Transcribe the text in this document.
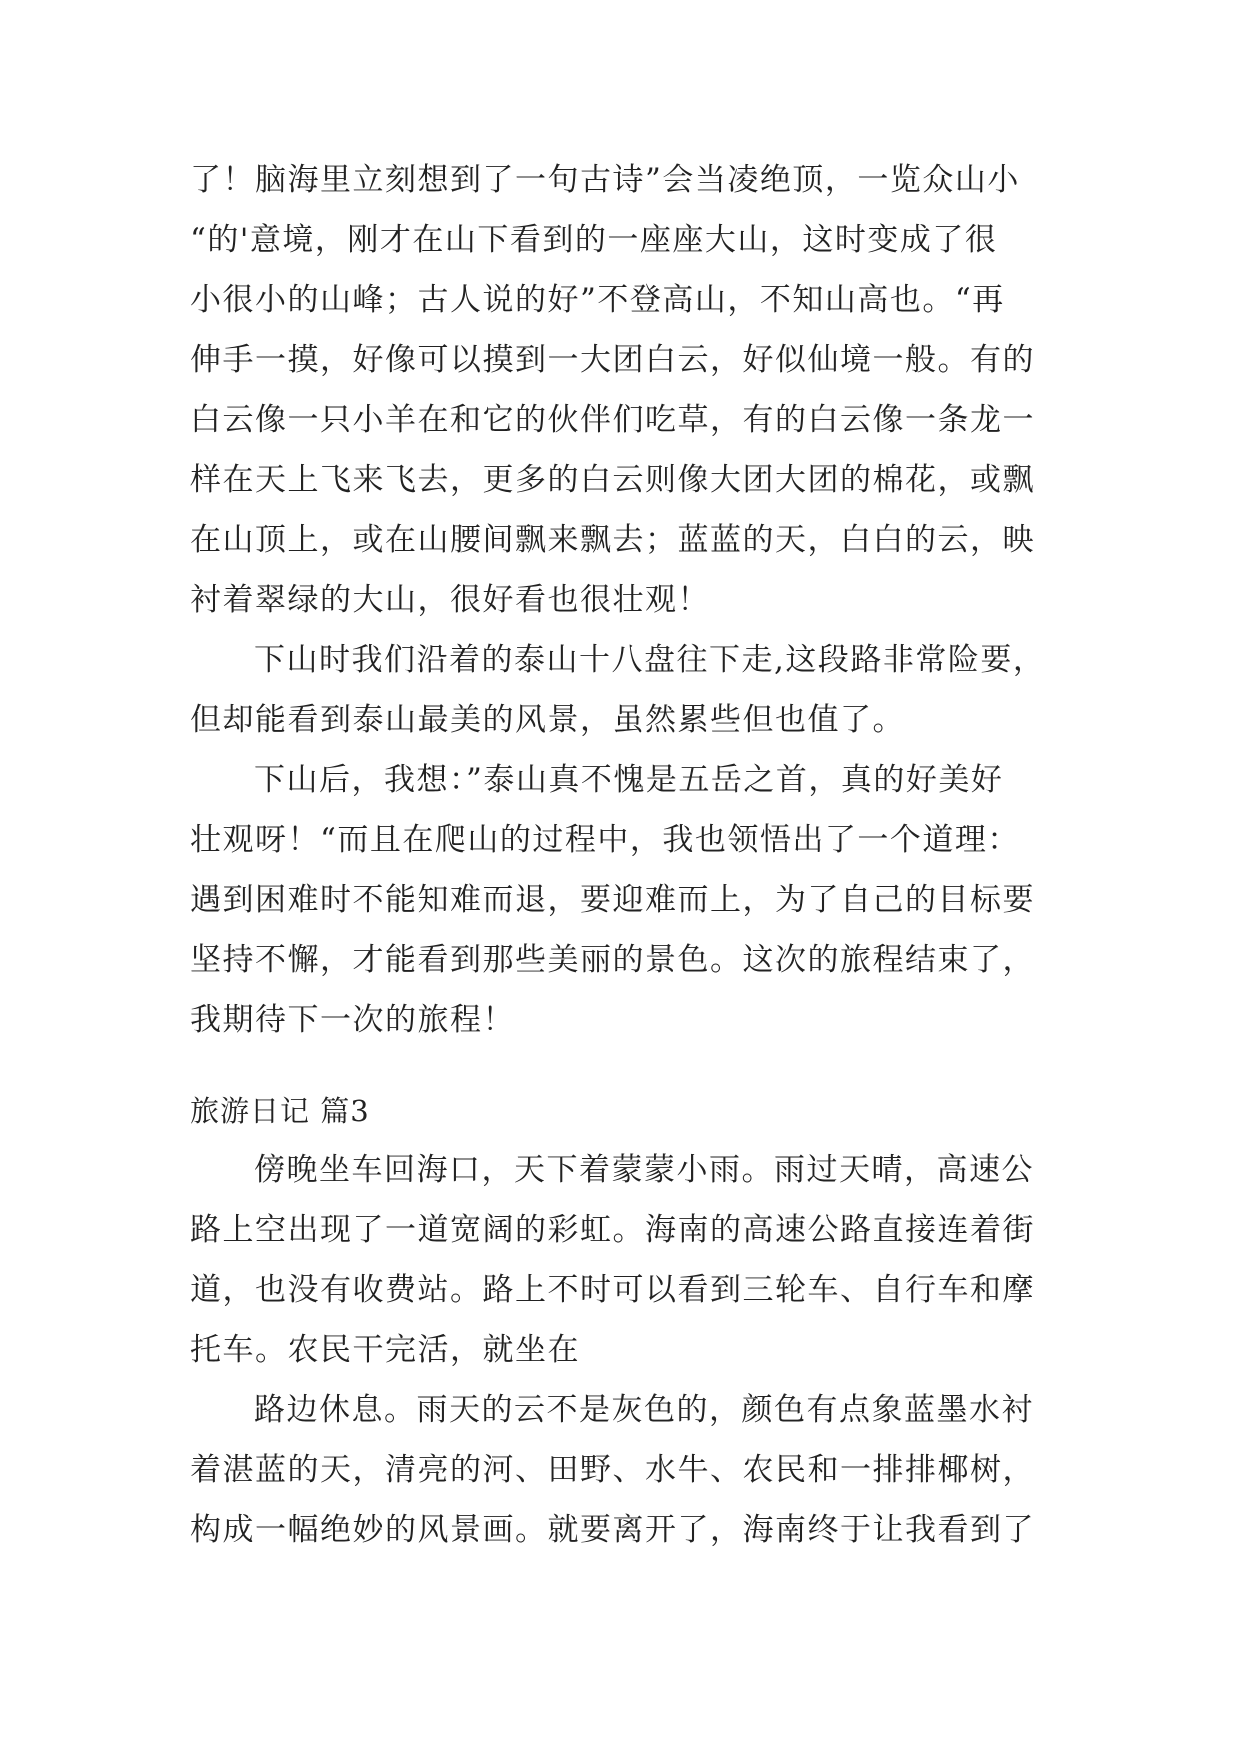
了！脑海里立刻想到了一句古诗”会当凌绝顶，一览众山小
“的'意境，刚才在山下看到的一座座大山，这时变成了很
小很小的山峰；古人说的好”不登高山，不知山高也。“再
伸手一摸，好像可以摸到一大团白云，好似仙境一般。有的
白云像一只小羊在和它的伙伴们吃草，有的白云像一条龙一
样在天上飞来飞去，更多的白云则像大团大团的棉花，或飘
在山顶上，或在山腰间飘来飘去；蓝蓝的天，白白的云，映
衬着翠绿的大山，很好看也很壮观！
下山时我们沿着的泰山十八盘往下走,这段路非常险要，
但却能看到泰山最美的风景，虽然累些但也值了。
下山后，我想：”泰山真不愧是五岳之首，真的好美好
壮观呀！“而且在爬山的过程中，我也领悟出了一个道理：
遇到困难时不能知难而退，要迎难而上，为了自己的目标要
坚持不懈，才能看到那些美丽的景色。这次的旅程结束了，
我期待下一次的旅程！
旅游日记 篇3
傍晚坐车回海口，天下着蒙蒙小雨。雨过天晴，高速公
路上空出现了一道宽阔的彩虹。海南的高速公路直接连着街
道，也没有收费站。路上不时可以看到三轮车、自行车和摩
托车。农民干完活，就坐在
路边休息。雨天的云不是灰色的，颜色有点象蓝墨水衬
着湛蓝的天，清亮的河、田野、水牛、农民和一排排椰树，
构成一幅绝妙的风景画。就要离开了，海南终于让我看到了
